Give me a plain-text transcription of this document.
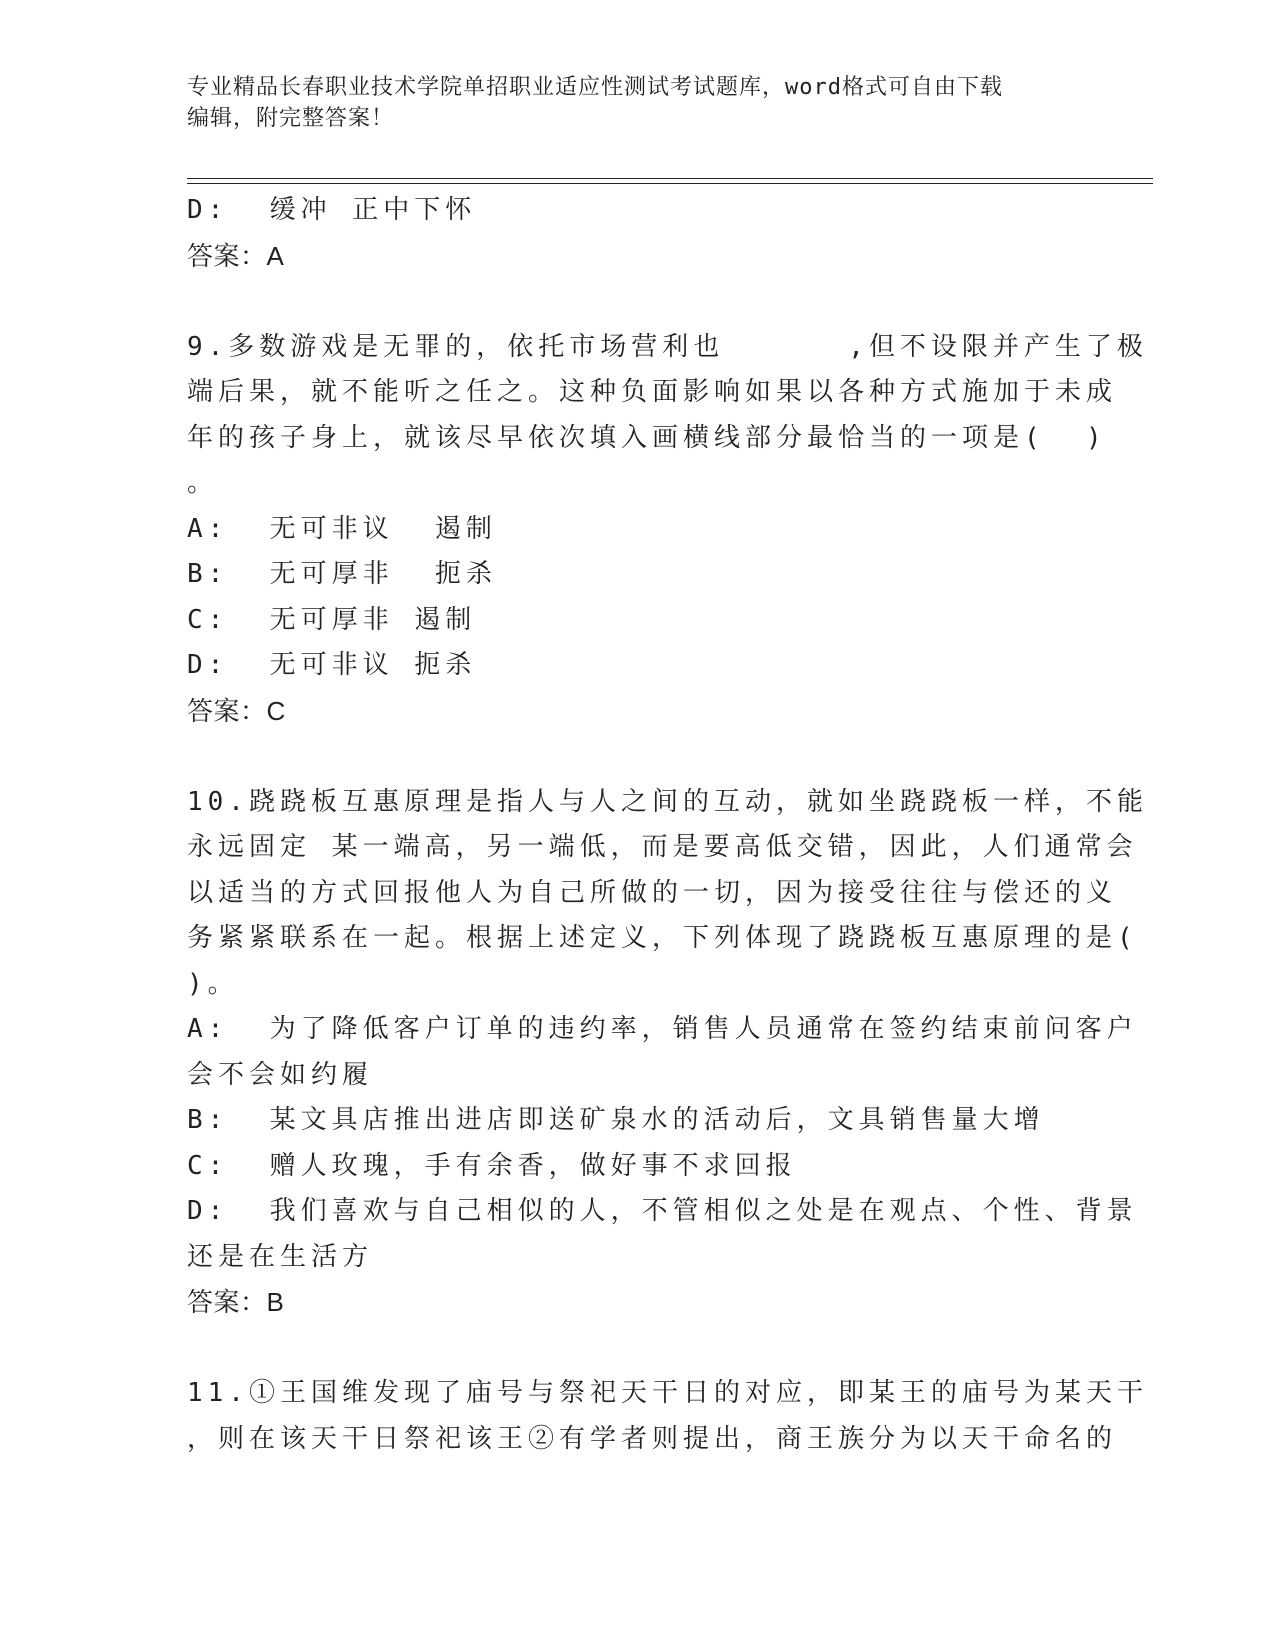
专业精品长春职业技术学院单招职业适应性测试考试题库，word格式可自由下载
编辑，附完整答案！
D:  缓冲 正中下怀
答案：A
9.多数游戏是无罪的，依托市场营利也      ,但不设限并产生了极
端后果，就不能听之任之。这种负面影响如果以各种方式施加于未成
年的孩子身上，就该尽早依次填入画横线部分最恰当的一项是(  )
。
A:  无可非议  遏制
B:  无可厚非  扼杀
C:  无可厚非 遏制
D:  无可非议 扼杀
答案：C
10.跷跷板互惠原理是指人与人之间的互动，就如坐跷跷板一样，不能
永远固定 某一端高，另一端低，而是要高低交错，因此，人们通常会
以适当的方式回报他人为自己所做的一切，因为接受往往与偿还的义
务紧紧联系在一起。根据上述定义，下列体现了跷跷板互惠原理的是(
)。
A:  为了降低客户订单的违约率，销售人员通常在签约结束前问客户
会不会如约履
B:  某文具店推出进店即送矿泉水的活动后，文具销售量大增
C:  赠人玫瑰，手有余香，做好事不求回报
D:  我们喜欢与自己相似的人，不管相似之处是在观点、个性、背景
还是在生活方
答案：B
11.①王国维发现了庙号与祭祀天干日的对应，即某王的庙号为某天干
，则在该天干日祭祀该王②有学者则提出，商王族分为以天干命名的
